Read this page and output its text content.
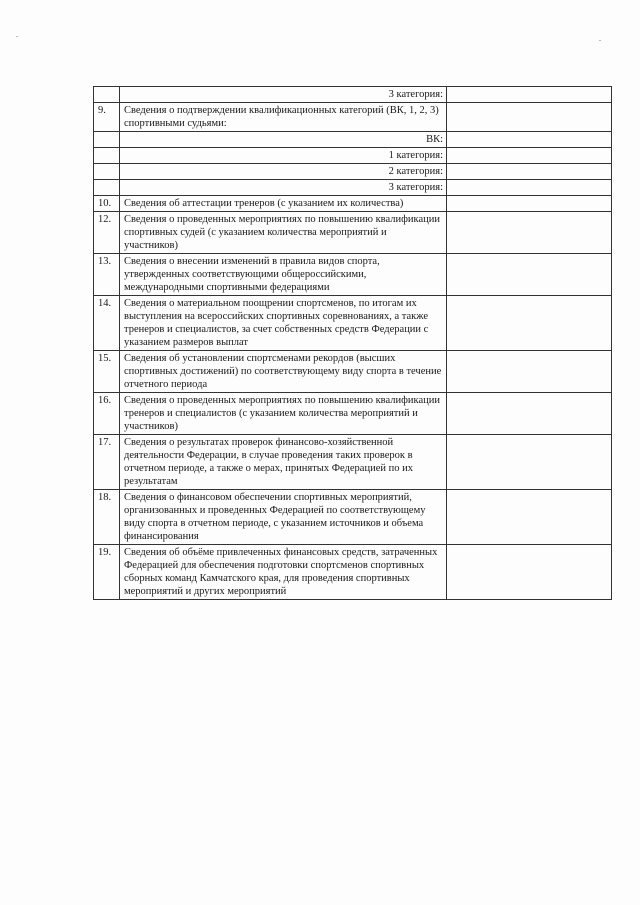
	3 категория:	
9.	Сведения о подтверждении квалификационных категорий (ВК, 1, 2, 3) спортивными судьями:	
	ВК:	
	1 категория:	
	2 категория:	
	3 категория:	
10.	Сведения об аттестации тренеров (с указанием их количества)	
12.	Сведения о проведенных мероприятиях по повышению квалификации спортивных судей (с указанием количества мероприятий и участников)	
13.	Сведения о внесении изменений в правила видов спорта, утвержденных соответствующими общероссийскими, международными спортивными федерациями	
14.	Сведения о материальном поощрении спортсменов, по итогам их выступления на всероссийских спортивных соревнованиях, а также тренеров и специалистов, за счет собственных средств Федерации с указанием размеров выплат	
15.	Сведения об установлении спортсменами рекордов (высших спортивных достижений) по соответствующему виду спорта в течение отчетного периода	
16.	Сведения о проведенных мероприятиях по повышению квалификации тренеров и специалистов (с указанием количества мероприятий и участников)	
17.	Сведения о результатах проверок финансово-хозяйственной деятельности Федерации, в случае проведения таких проверок в отчетном периоде, а также о мерах, принятых Федерацией по их результатам	
18.	Сведения о финансовом обеспечении спортивных мероприятий, организованных и проведенных Федерацией по соответствующему виду спорта в отчетном периоде, с указанием источников и объема финансирования	
19.	Сведения об объёме привлеченных финансовых средств, затраченных Федерацией для обеспечения подготовки спортсменов спортивных сборных команд Камчатского края, для проведения спортивных мероприятий и других мероприятий	
